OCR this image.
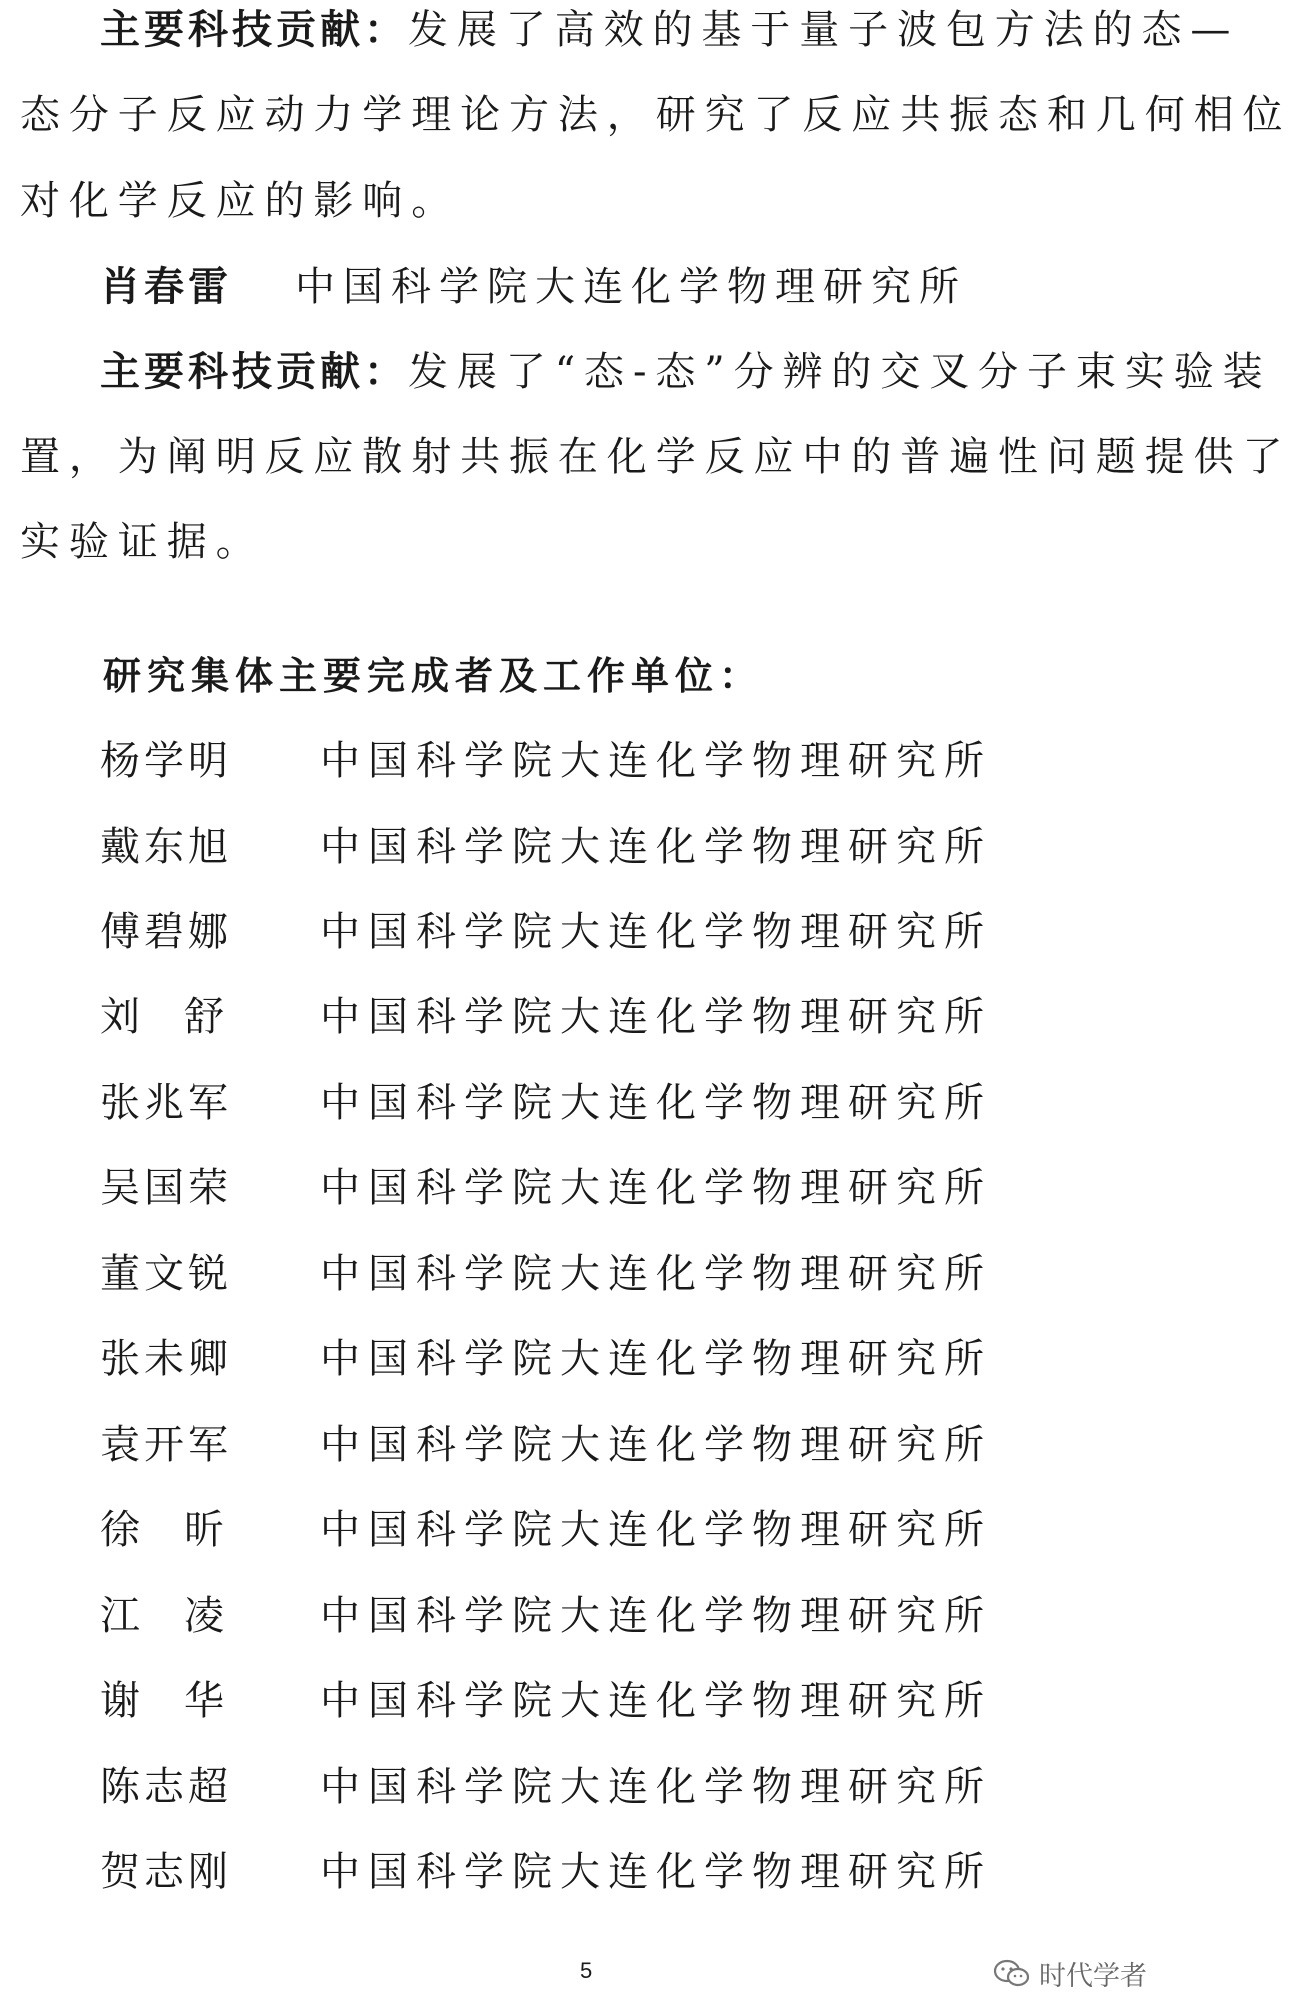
主要科技贡献：发展了高效的基于量子波包方法的态—
态分子反应动力学理论方法，研究了反应共振态和几何相位
对化学反应的影响。
肖春雷 中国科学院大连化学物理研究所
主要科技贡献：发展了“态-态”分辨的交叉分子束实验装
置，为阐明反应散射共振在化学反应中的普遍性问题提供了
实验证据。
研究集体主要完成者及工作单位：
杨学明 中国科学院大连化学物理研究所
戴东旭 中国科学院大连化学物理研究所
傅碧娜 中国科学院大连化学物理研究所
刘舒 中国科学院大连化学物理研究所
张兆军 中国科学院大连化学物理研究所
吴国荣 中国科学院大连化学物理研究所
董文锐 中国科学院大连化学物理研究所
张未卿 中国科学院大连化学物理研究所
袁开军 中国科学院大连化学物理研究所
徐昕 中国科学院大连化学物理研究所
江凌 中国科学院大连化学物理研究所
谢华 中国科学院大连化学物理研究所
陈志超 中国科学院大连化学物理研究所
贺志刚 中国科学院大连化学物理研究所
5	时代学者
